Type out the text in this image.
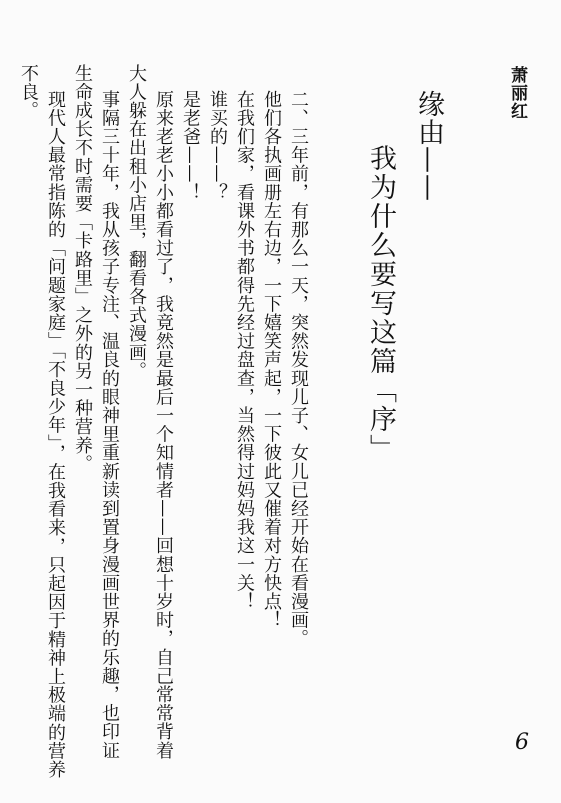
萧丽红
缘由——
我为什么要写这篇「序」
二、三年前，有那么一天，突然发现儿子、女儿已经开始在看漫画。
他们各执画册左右边，一下嬉笑声起，一下彼此又催着对方快点！
在我们家，看课外书都得先经过盘查，当然得过妈妈我这一关！
谁买的——？
是老爸——！
原来老老小小都看过了，我竟然是最后一个知情者——回想十岁时，自己常常背着
大人躲在出租小店里，翻看各式漫画。
事隔三十年，我从孩子专注、温良的眼神里重新读到置身漫画世界的乐趣，也印证
生命成长不时需要「卡路里」之外的另一种营养。
现代人最常指陈的「问题家庭」「不良少年」，在我看来，只起因于精神上极端的营养
不良。
6
